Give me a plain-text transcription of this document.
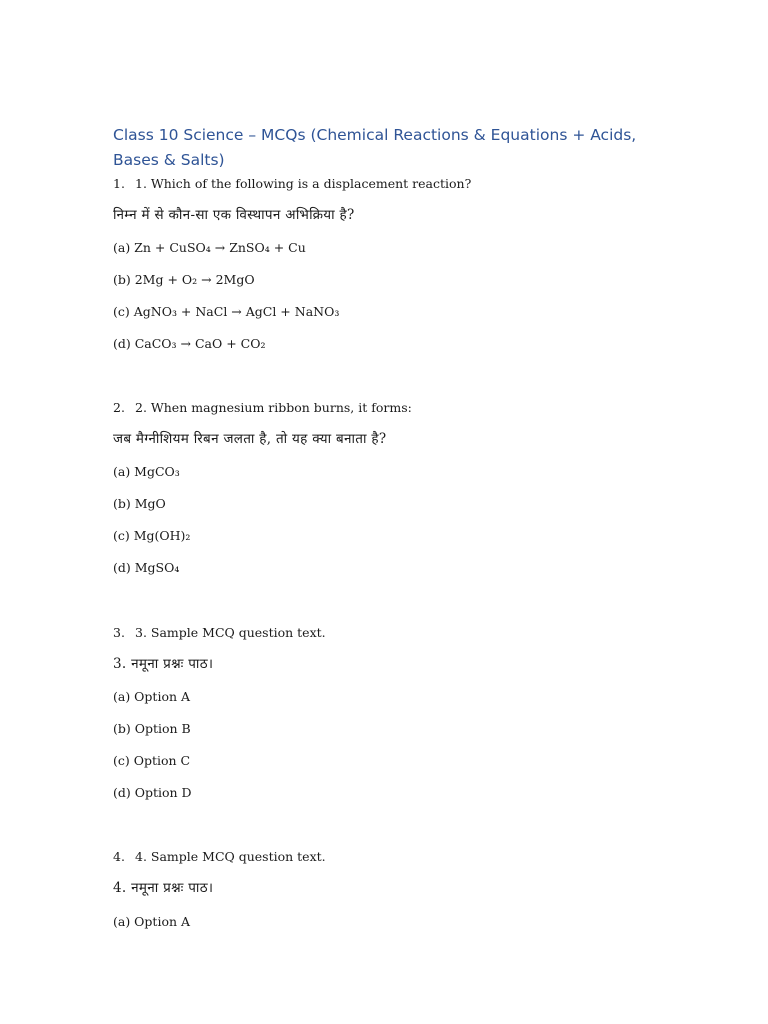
Class 10 Science – MCQs (Chemical Reactions & Equations + Acids, Bases & Salts)

1. 1. Which of the following is a displacement reaction?

निम्न में से कौन-सा एक विस्थापन अभिक्रिया है?

(a) Zn + CuSO₄ → ZnSO₄ + Cu

(b) 2Mg + O₂ → 2MgO

(c) AgNO₃ + NaCl → AgCl + NaNO₃

(d) CaCO₃ → CaO + CO₂

2. 2. When magnesium ribbon burns, it forms:

जब मैग्नीशियम रिबन जलता है, तो यह क्या बनाता है?

(a) MgCO₃

(b) MgO

(c) Mg(OH)₂

(d) MgSO₄

3. 3. Sample MCQ question text.

3. नमूना प्रश्नः पाठ।

(a) Option A

(b) Option B

(c) Option C

(d) Option D

4. 4. Sample MCQ question text.

4. नमूना प्रश्नः पाठ।

(a) Option A
